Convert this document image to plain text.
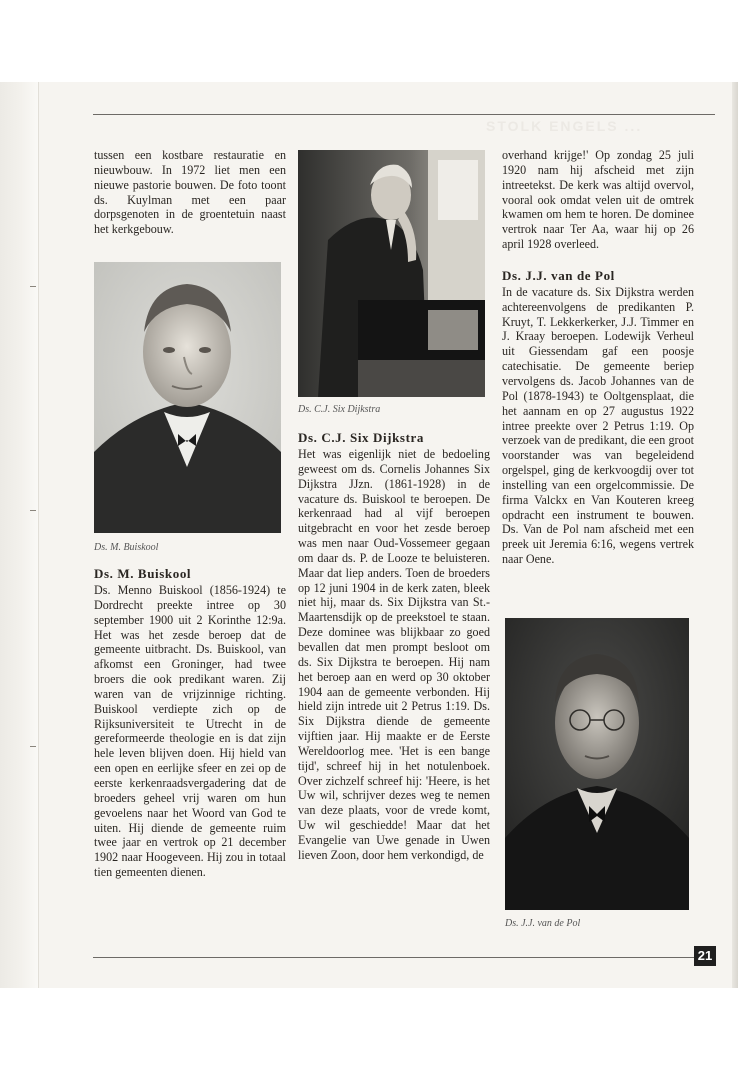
STOLK ENGELS ...

tussen een kostbare restauratie en nieuwbouw. In 1972 liet men een nieuwe pastorie bouwen. De foto toont ds. Kuylman met een paar dorpsgenoten in de groentetuin naast het kerkgebouw.

Ds. M. Buiskool
Ds. M. Buiskool

Ds. Menno Buiskool (1856-1924) te Dordrecht preekte intree op 30 september 1900 uit 2 Korinthe 12:9a. Het was het zesde beroep dat de gemeente uitbracht. Ds. Buiskool, van afkomst een Groninger, had twee broers die ook predikant waren. Zij waren van de vrijzinnige richting. Buiskool verdiepte zich op de Rijksuniversiteit te Utrecht in de gereformeerde theologie en is dat zijn hele leven blijven doen. Hij hield van een open en eerlijke sfeer en zei op de eerste kerkenraadsvergadering dat de broeders geheel vrij waren om hun gevoelens naar het Woord van God te uiten. Hij diende de gemeente ruim twee jaar en vertrok op 21 december 1902 naar Hoogeveen. Hij zou in totaal tien gemeenten dienen.

Ds. C.J. Six Dijkstra
Ds. C.J. Six Dijkstra

Het was eigenlijk niet de bedoeling geweest om ds. Cornelis Johannes Six Dijkstra JJzn. (1861-1928) in de vacature ds. Buiskool te beroepen. De kerkenraad had al vijf beroepen uitgebracht en voor het zesde beroep was men naar Oud-Vossemeer gegaan om daar ds. P. de Looze te beluisteren. Maar dat liep anders. Toen de broeders op 12 juni 1904 in de kerk zaten, bleek niet hij, maar ds. Six Dijkstra van St.-Maartensdijk op de preekstoel te staan. Deze dominee was blijkbaar zo goed bevallen dat men prompt besloot om ds. Six Dijkstra te beroepen. Hij nam het beroep aan en werd op 30 oktober 1904 aan de gemeente verbonden. Hij hield zijn intrede uit 2 Petrus 1:19. Ds. Six Dijkstra diende de gemeente vijftien jaar. Hij maakte er de Eerste Wereldoorlog mee. 'Het is een bange tijd', schreef hij in het notulenboek. Over zichzelf schreef hij: 'Heere, is het Uw wil, schrijver dezes weg te nemen van deze plaats, voor de vrede komt, Uw wil geschiedde! Maar dat het Evangelie van Uwe genade in Uwen lieven Zoon, door hem verkondigd, de

overhand krijge!' Op zondag 25 juli 1920 nam hij afscheid met zijn intreetekst. De kerk was altijd overvol, vooral ook omdat velen uit de omtrek kwamen om hem te horen. De dominee vertrok naar Ter Aa, waar hij op 26 april 1928 overleed.

Ds. J.J. van de Pol

In de vacature ds. Six Dijkstra werden achtereenvolgens de predikanten P. Kruyt, T. Lekkerkerker, J.J. Timmer en J. Kraay beroepen. Lodewijk Verheul uit Giessendam gaf een poosje catechisatie. De gemeente beriep vervolgens ds. Jacob Johannes van de Pol (1878-1943) te Ooltgensplaat, die het aannam en op 27 augustus 1922 intree preekte over 2 Petrus 1:19. Op verzoek van de predikant, die een groot voorstander was van begeleidend orgelspel, ging de kerkvoogdij over tot instelling van een orgelcommissie. De firma Valckx en Van Kouteren kreeg opdracht een instrument te bouwen. Ds. Van de Pol nam afscheid met een preek uit Jeremia 6:16, wegens vertrek naar Oene.

Ds. J.J. van de Pol
21
